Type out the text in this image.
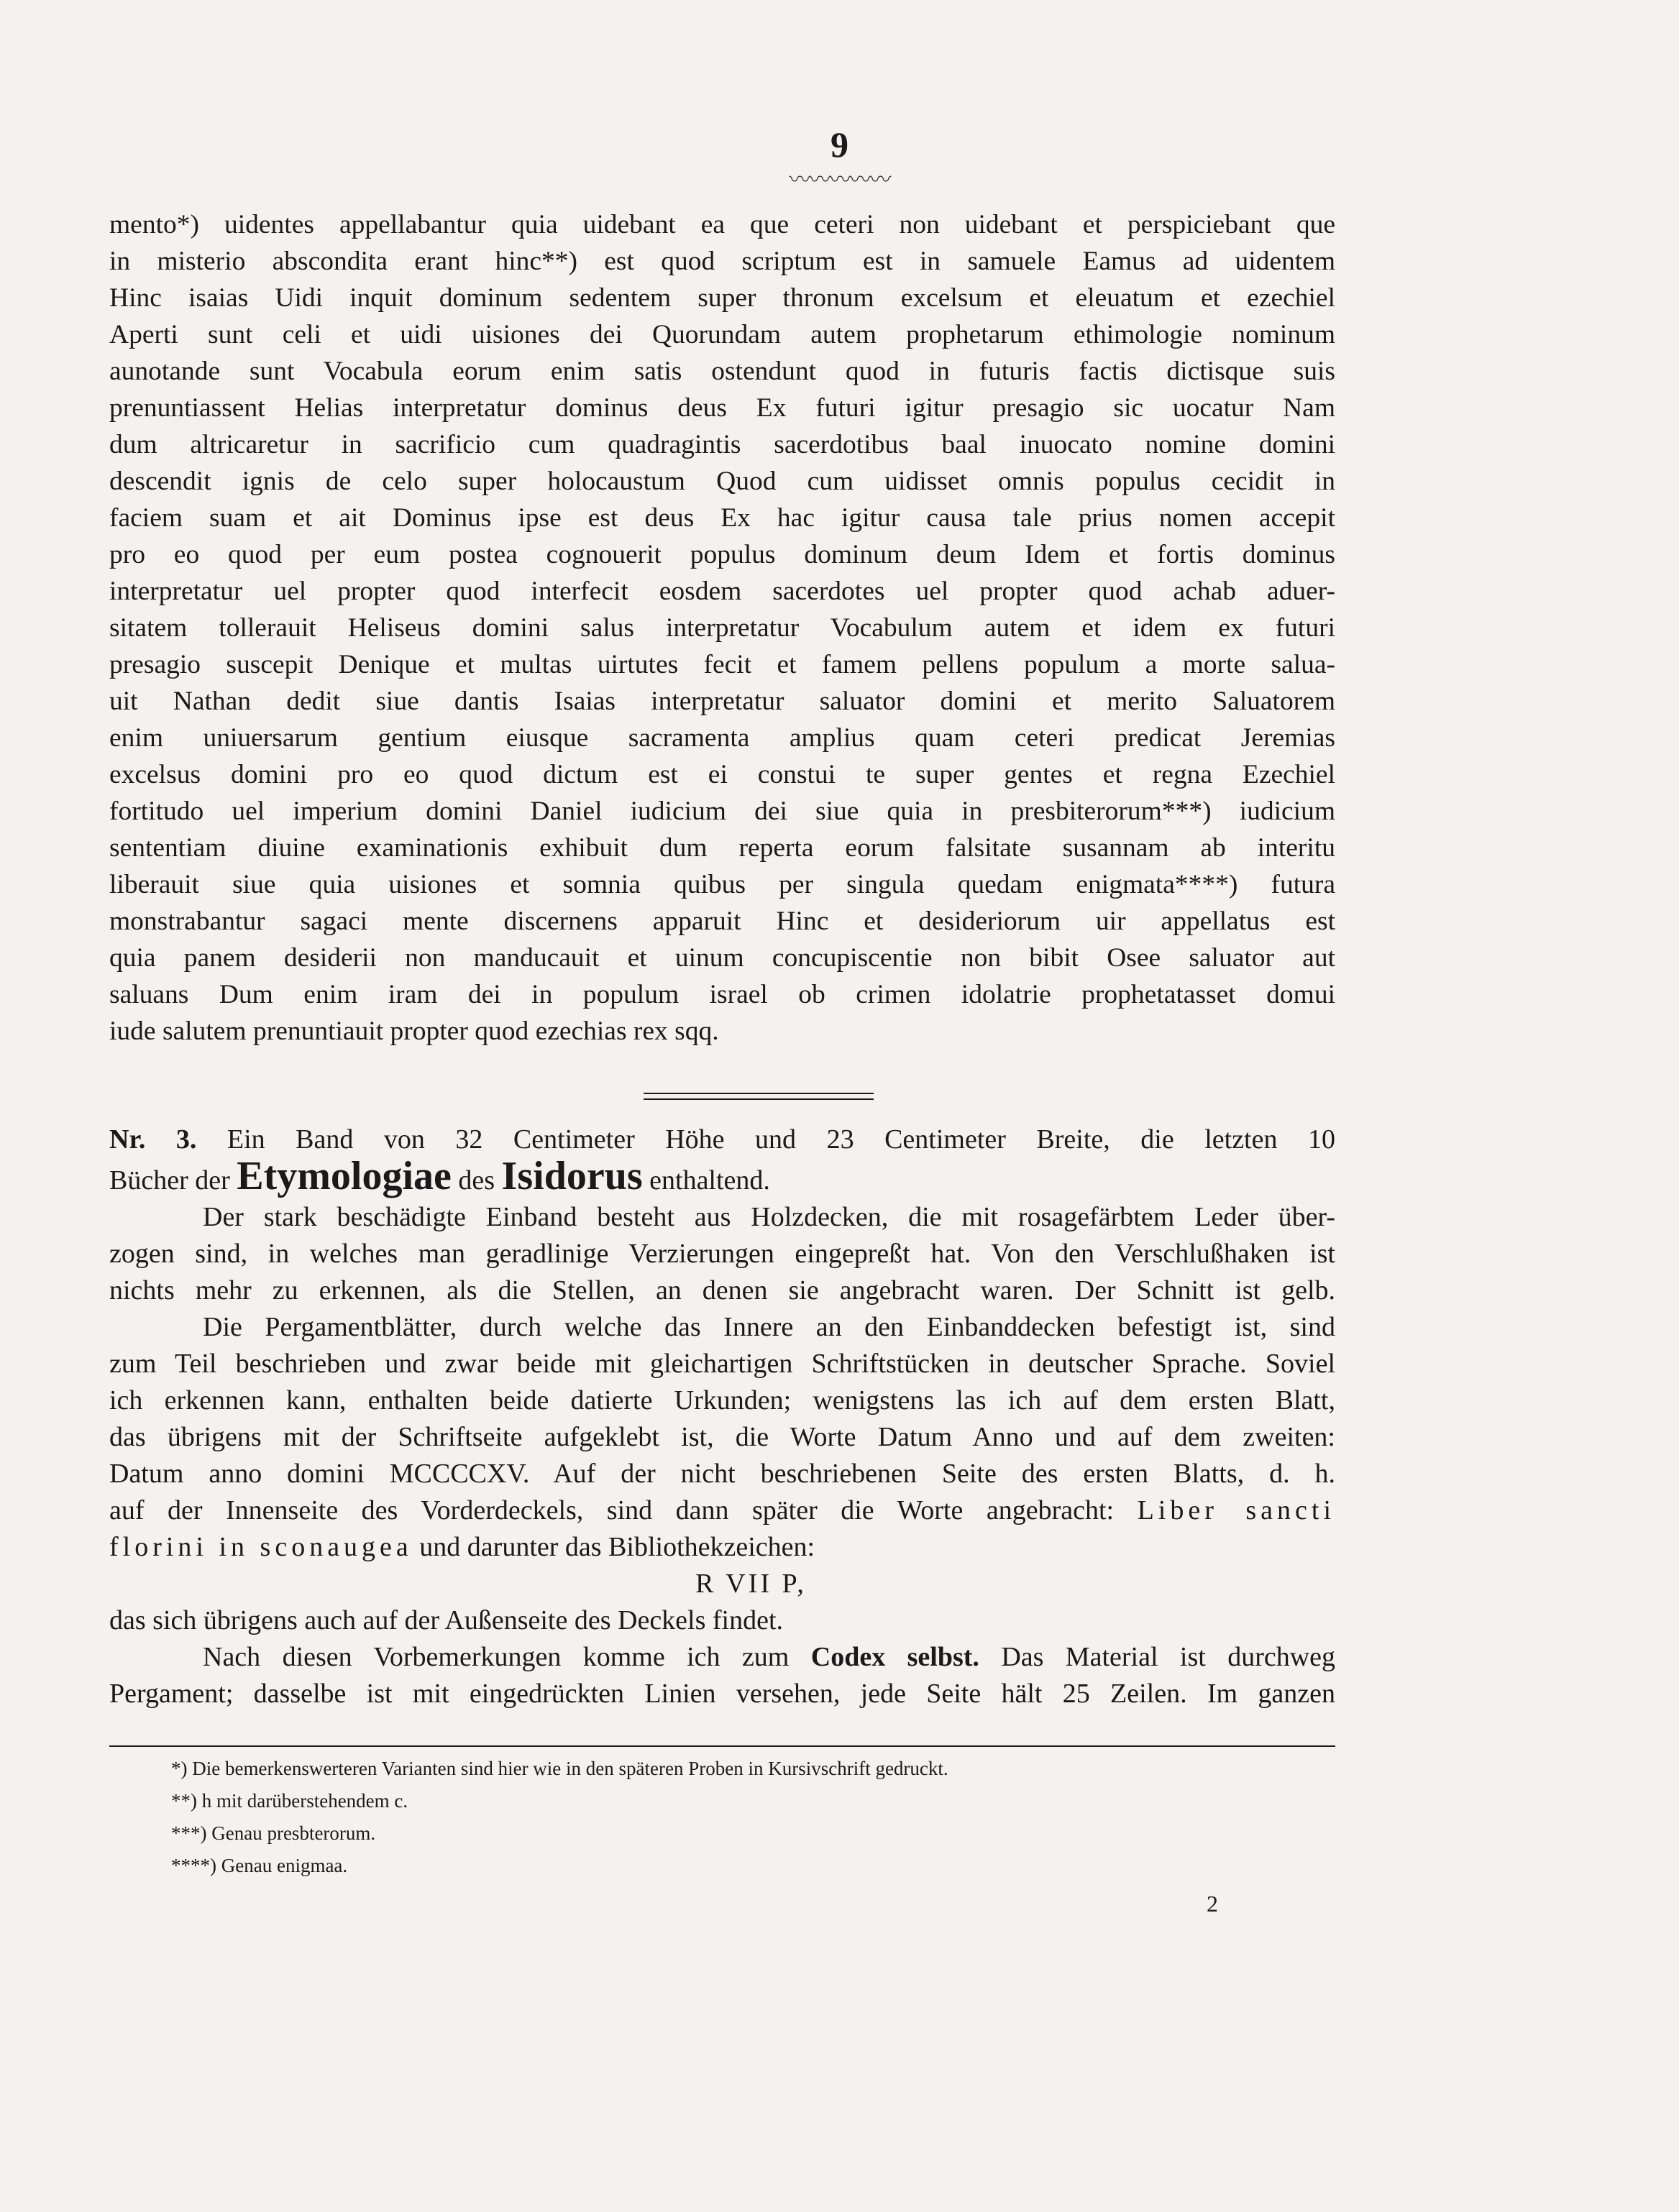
9
〰〰〰〰〰
mento*) uidentes appellabantur quia uidebant ea que ceteri non uidebant et perspiciebant que
in misterio abscondita erant hinc**) est quod scriptum est in samuele Eamus ad uidentem
Hinc isaias Uidi inquit dominum sedentem super thronum excelsum et eleuatum et ezechiel
Aperti sunt celi et uidi uisiones dei Quorundam autem prophetarum ethimologie nominum
aunotande sunt Vocabula eorum enim satis ostendunt quod in futuris factis dictisque suis
prenuntiassent Helias interpretatur dominus deus Ex futuri igitur presagio sic uocatur Nam
dum altricaretur in sacrificio cum quadragintis sacerdotibus baal inuocato nomine domini
descendit ignis de celo super holocaustum Quod cum uidisset omnis populus cecidit in
faciem suam et ait Dominus ipse est deus Ex hac igitur causa tale prius nomen accepit
pro eo quod per eum postea cognouerit populus dominum deum Idem et fortis dominus
interpretatur uel propter quod interfecit eosdem sacerdotes uel propter quod achab aduer-
sitatem tollerauit Heliseus domini salus interpretatur Vocabulum autem et idem ex futuri
presagio suscepit Denique et multas uirtutes fecit et famem pellens populum a morte salua-
uit Nathan dedit siue dantis Isaias interpretatur saluator domini et merito Saluatorem
enim uniuersarum gentium eiusque sacramenta amplius quam ceteri predicat Jeremias
excelsus domini pro eo quod dictum est ei constui te super gentes et regna Ezechiel
fortitudo uel imperium domini Daniel iudicium dei siue quia in presbiterorum***) iudicium
sententiam diuine examinationis exhibuit dum reperta eorum falsitate susannam ab interitu
liberauit siue quia uisiones et somnia quibus per singula quedam enigmata****) futura
monstrabantur sagaci mente discernens apparuit Hinc et desideriorum uir appellatus est
quia panem desiderii non manducauit et uinum concupiscentie non bibit Osee saluator aut
saluans Dum enim iram dei in populum israel ob crimen idolatrie prophetatasset domui
iude salutem prenuntiauit propter quod ezechias rex sqq.
Nr. 3. Ein Band von 32 Centimeter Höhe und 23 Centimeter Breite, die letzten 10
Bücher der Etymologiae des Isidorus enthaltend.
Der stark beschädigte Einband besteht aus Holzdecken, die mit rosagefärbtem Leder über-
zogen sind, in welches man geradlinige Verzierungen eingepreßt hat. Von den Verschlußhaken ist
nichts mehr zu erkennen, als die Stellen, an denen sie angebracht waren. Der Schnitt ist gelb.
Die Pergamentblätter, durch welche das Innere an den Einbanddecken befestigt ist, sind
zum Teil beschrieben und zwar beide mit gleichartigen Schriftstücken in deutscher Sprache. Soviel
ich erkennen kann, enthalten beide datierte Urkunden; wenigstens las ich auf dem ersten Blatt,
das übrigens mit der Schriftseite aufgeklebt ist, die Worte Datum Anno und auf dem zweiten:
Datum anno domini MCCCCXV. Auf der nicht beschriebenen Seite des ersten Blatts, d. h.
auf der Innenseite des Vorderdeckels, sind dann später die Worte angebracht: Liber sancti
florini in sconaugea und darunter das Bibliothekzeichen:
R VII P,
das sich übrigens auch auf der Außenseite des Deckels findet.
Nach diesen Vorbemerkungen komme ich zum Codex selbst. Das Material ist durchweg
Pergament; dasselbe ist mit eingedrückten Linien versehen, jede Seite hält 25 Zeilen. Im ganzen
*) Die bemerkenswerteren Varianten sind hier wie in den späteren Proben in Kursivschrift gedruckt.
**) h mit darüberstehendem c.
***) Genau presbterorum.
****) Genau enigmaa.
2
